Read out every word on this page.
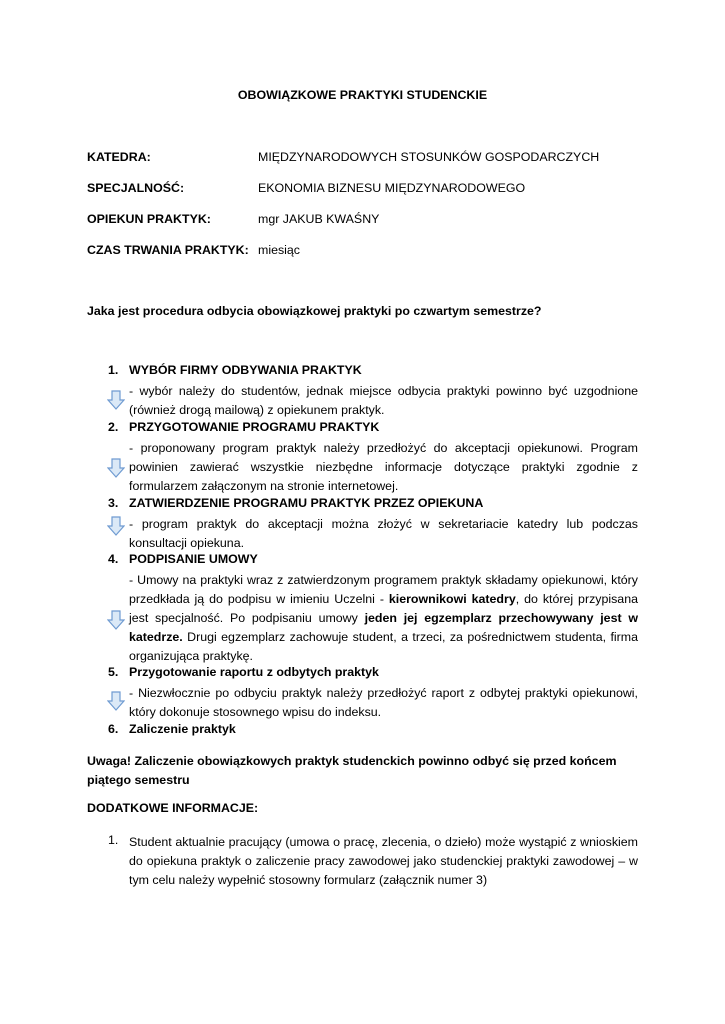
OBOWIĄZKOWE PRAKTYKI STUDENCKIE
KATEDRA:	MIĘDZYNARODOWYCH STOSUNKÓW GOSPODARCZYCH
SPECJALNOŚĆ:	EKONOMIA BIZNESU MIĘDZYNARODOWEGO
OPIEKUN PRAKTYK:	mgr JAKUB KWAŚNY
CZAS TRWANIA PRAKTYK: miesiąc
Jaka jest procedura odbycia obowiązkowej praktyki po czwartym semestrze?
1. WYBÓR FIRMY ODBYWANIA PRAKTYK
- wybór należy do studentów, jednak miejsce odbycia praktyki powinno być uzgodnione (również drogą mailową) z opiekunem praktyk.
2. PRZYGOTOWANIE PROGRAMU PRAKTYK
- proponowany program praktyk należy przedłożyć do akceptacji opiekunowi. Program powinien zawierać wszystkie niezbędne informacje dotyczące praktyki zgodnie z formularzem załączonym na stronie internetowej.
3. ZATWIERDZENIE PROGRAMU PRAKTYK PRZEZ OPIEKUNA
- program praktyk do akceptacji można złożyć w sekretariacie katedry lub podczas konsultacji opiekuna.
4. PODPISANIE UMOWY
- Umowy na praktyki wraz z zatwierdzonym programem praktyk składamy opiekunowi, który przedkłada ją do podpisu w imieniu Uczelni - kierownikowi katedry, do której przypisana jest specjalność. Po podpisaniu umowy jeden jej egzemplarz przechowywany jest w katedrze. Drugi egzemplarz zachowuje student, a trzeci, za pośrednictwem studenta, firma organizująca praktykę.
5. Przygotowanie raportu z odbytych praktyk
- Niezwłocznie po odbyciu praktyk należy przedłożyć raport z odbytej praktyki opiekunowi, który dokonuje stosownego wpisu do indeksu.
6. Zaliczenie praktyk
Uwaga! Zaliczenie obowiązkowych praktyk studenckich powinno odbyć się przed końcem piątego semestru
DODATKOWE INFORMACJE:
1. Student aktualnie pracujący (umowa o pracę, zlecenia, o dzieło) może wystąpić z wnioskiem do opiekuna praktyk o zaliczenie pracy zawodowej jako studenckiej praktyki zawodowej – w tym celu należy wypełnić stosowny formularz (załącznik numer 3)
